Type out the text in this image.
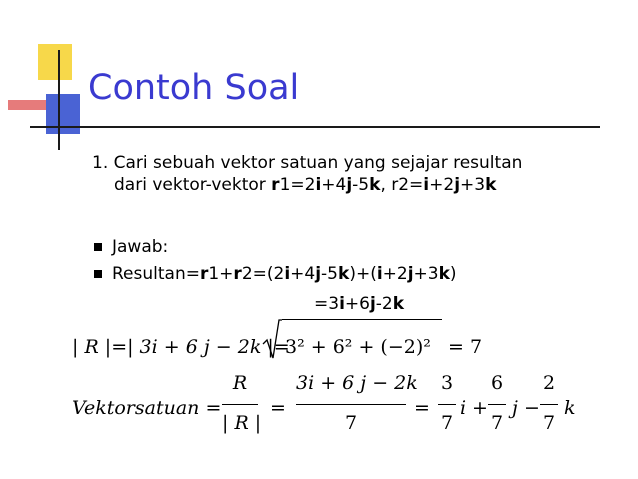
Contoh Soal
1. Cari sebuah vektor satuan yang sejajar resultan
dari vektor-vektor r1=2i+4j-5k, r2=i+2j+3k
Jawab:
Resultan=r1+r2=(2i+4j-5k)+(i+2j+3k)
=3i+6j-2k
| R |=| 3i + 6 j − 2k |=
3² + 6² + (−2)² = 7
Vektorsatuan =
R
| R |
=
3i + 6 j − 2k
7
=
3
7
i +
6
7
j −
2
7
k
